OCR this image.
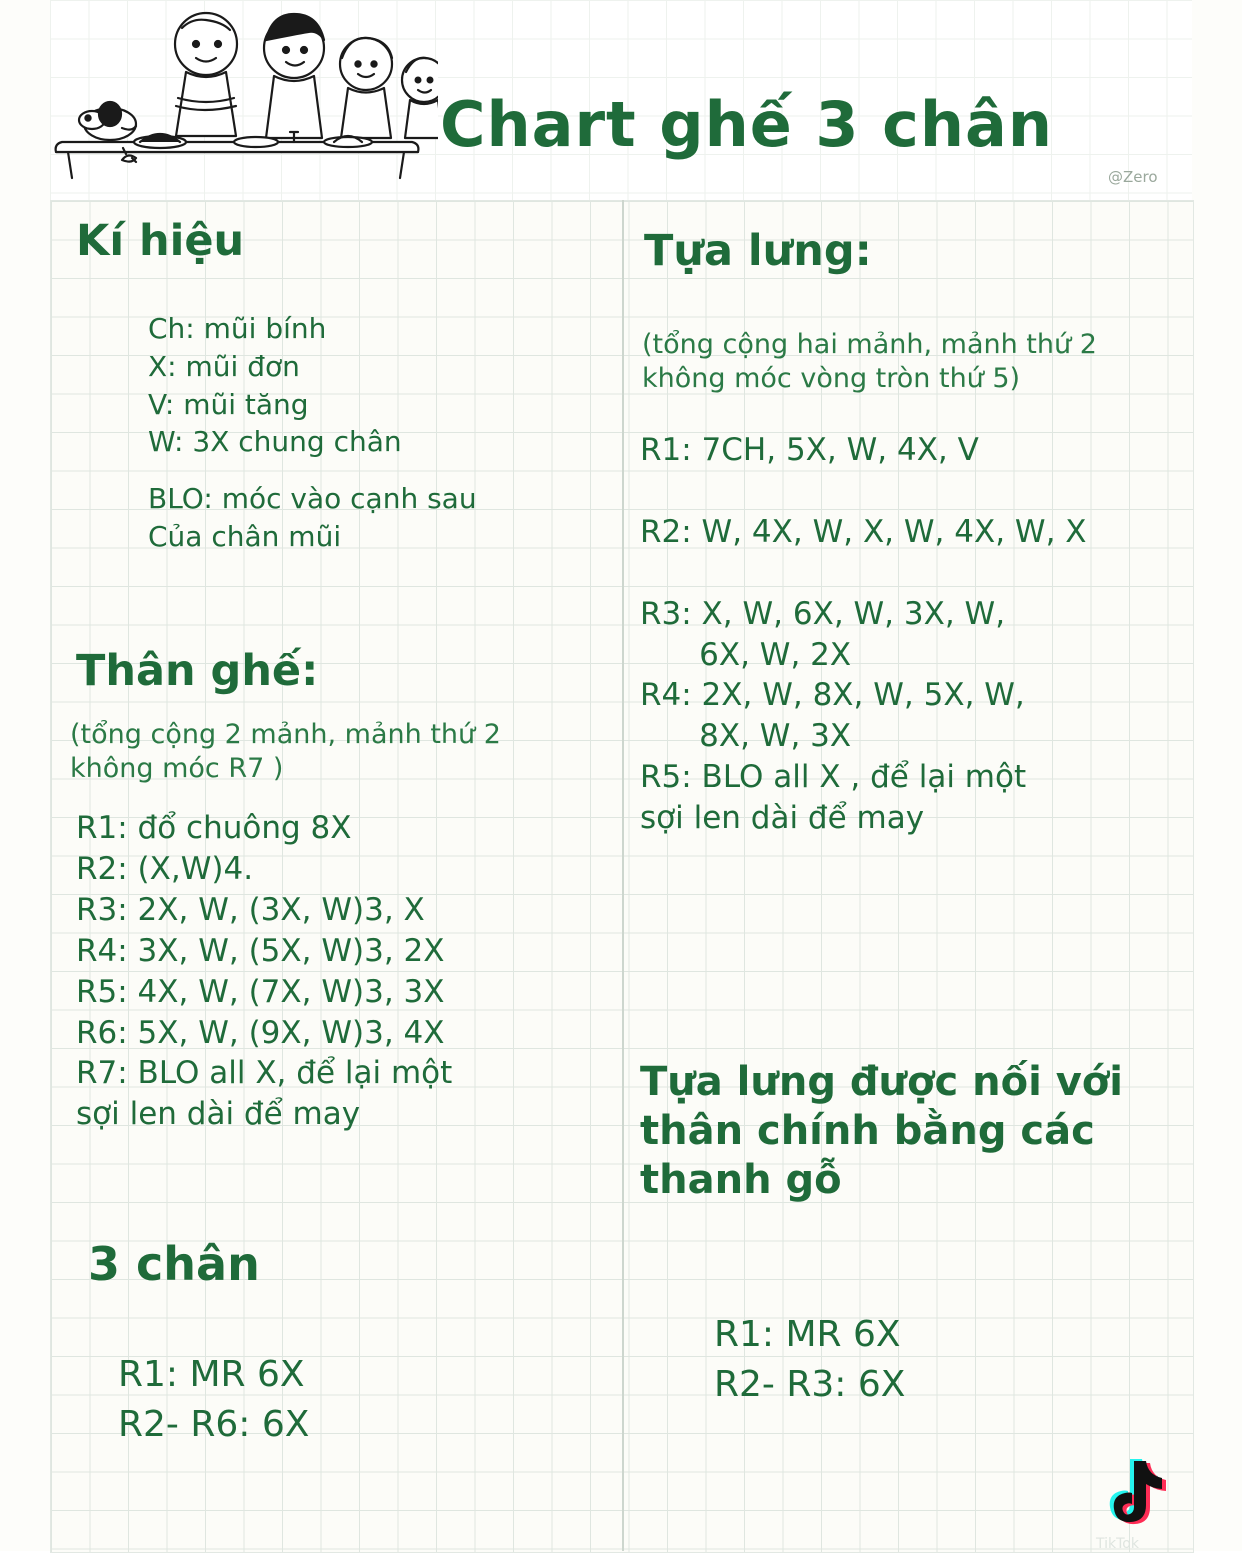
Chart ghế 3 chân
@Zero
Kí hiệu
Ch: mũi bính
X: mũi đơn
V: mũi tăng
W: 3X chung chân
BLO: móc vào cạnh sau
Của chân mũi
Thân ghế:
(tổng cộng 2 mảnh, mảnh thứ 2
không móc R7 )
R1: đổ chuông 8X
R2: (X,W)4.
R3: 2X, W, (3X, W)3, X
R4: 3X, W, (5X, W)3, 2X
R5: 4X, W, (7X, W)3, 3X
R6: 5X, W, (9X, W)3, 4X
R7: BLO all X, để lại một
sợi len dài để may
3 chân
R1: MR 6X
R2- R6: 6X
Tựa lưng:
(tổng cộng hai mảnh, mảnh thứ 2
không móc vòng tròn thứ 5)
R1: 7CH, 5X, W, 4X, V

R2: W, 4X, W, X, W, 4X, W, X

R3: X, W, 6X, W, 3X, W,
6X, W, 2X
R4: 2X, W, 8X, W, 5X, W,
8X, W, 3X
R5: BLO all X , để lại một
sợi len dài để may
Tựa lưng được nối với
thân chính bằng các
thanh gỗ
R1: MR 6X
R2- R3: 6X
TikTok
